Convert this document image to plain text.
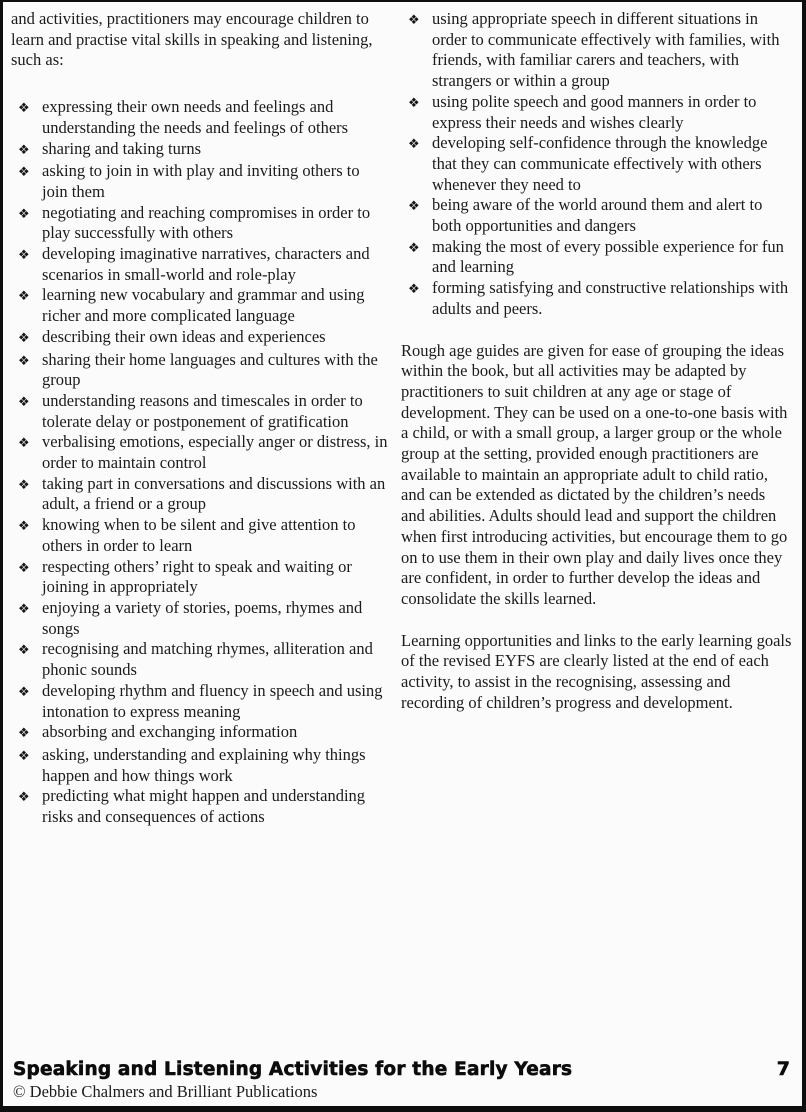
and activities, practitioners may encourage children to learn and practise vital skills in speaking and listening, such as:

❖ expressing their own needs and feelings and understanding the needs and feelings of others
❖ sharing and taking turns
❖ asking to join in with play and inviting others to join them
❖ negotiating and reaching compromises in order to play successfully with others
❖ developing imaginative narratives, characters and scenarios in small-world and role-play
❖ learning new vocabulary and grammar and using richer and more complicated language
❖ describing their own ideas and experiences
❖ sharing their home languages and cultures with the group
❖ understanding reasons and timescales in order to tolerate delay or postponement of gratification
❖ verbalising emotions, especially anger or distress, in order to maintain control
❖ taking part in conversations and discussions with an adult, a friend or a group
❖ knowing when to be silent and give attention to others in order to learn
❖ respecting others’ right to speak and waiting or joining in appropriately
❖ enjoying a variety of stories, poems, rhymes and songs
❖ recognising and matching rhymes, alliteration and phonic sounds
❖ developing rhythm and fluency in speech and using intonation to express meaning
❖ absorbing and exchanging information
❖ asking, understanding and explaining why things happen and how things work
❖ predicting what might happen and understanding risks and consequences of actions
❖ using appropriate speech in different situations in order to communicate effectively with families, with friends, with familiar carers and teachers, with strangers or within a group
❖ using polite speech and good manners in order to express their needs and wishes clearly
❖ developing self-confidence through the knowledge that they can communicate effectively with others whenever they need to
❖ being aware of the world around them and alert to both opportunities and dangers
❖ making the most of every possible experience for fun and learning
❖ forming satisfying and constructive relationships with adults and peers.

Rough age guides are given for ease of grouping the ideas within the book, but all activities may be adapted by practitioners to suit children at any age or stage of development. They can be used on a one-to-one basis with a child, or with a small group, a larger group or the whole group at the setting, provided enough practitioners are available to maintain an appropriate adult to child ratio, and can be extended as dictated by the children’s needs and abilities. Adults should lead and support the children when first introducing activities, but encourage them to go on to use them in their own play and daily lives once they are confident, in order to further develop the ideas and consolidate the skills learned.

Learning opportunities and links to the early learning goals of the revised EYFS are clearly listed at the end of each activity, to assist in the recognising, assessing and recording of children’s progress and development.

Speaking and Listening Activities for the Early Years	7
© Debbie Chalmers and Brilliant Publications
